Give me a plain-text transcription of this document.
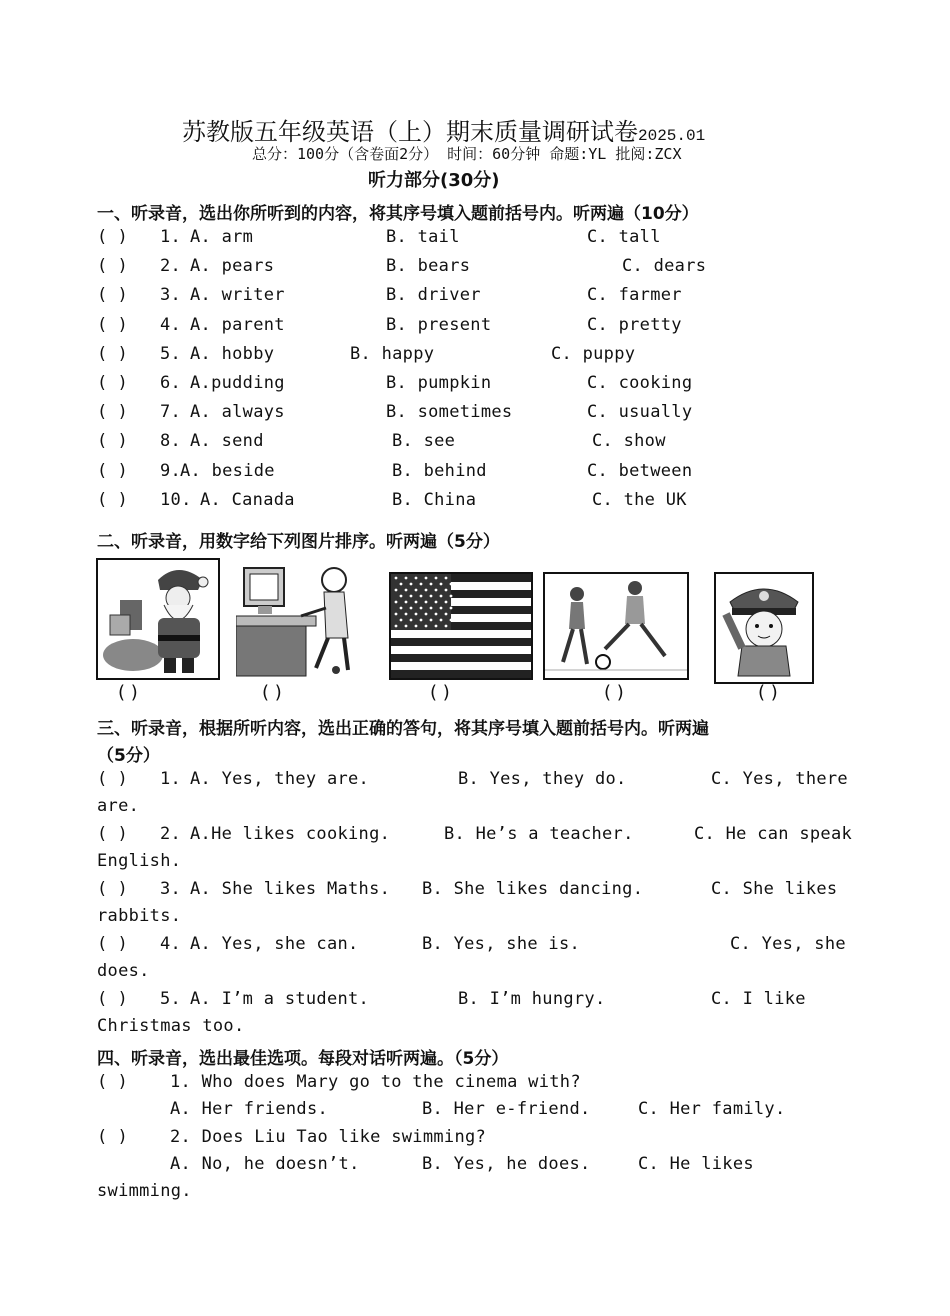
苏教版五年级英语（上）期末质量调研试卷2025.01
总分：100分（含卷面2分） 时间：60分钟 命题:YL 批阅:ZCX
听力部分(30分)
一、听录音，选出你所听到的内容，将其序号填入题前括号内。听两遍（10分）
( ) 1. A. arm	B. tail	C. tall
( ) 2. A. pears	B. bears	C. dears
( ) 3. A. writer	B. driver	C. farmer
( ) 4. A. parent	B. present	C. pretty
( ) 5. A. hobby	B. happy	C. puppy
( ) 6. A.pudding	B. pumpkin	C. cooking
( ) 7. A. always	B. sometimes	C. usually
( ) 8. A. send	B. see	C. show
( ) 9.
A. beside	B. behind	C. between
( ) 10. A. Canada	B. China	C. the UK
二、听录音，用数字给下列图片排序。听两遍（5分）
( )	( )	( )	( )	( )
三、听录音，根据所听内容，选出正确的答句，将其序号填入题前括号内。听两遍
（5分）
( ) 1. A. Yes, they are.	B. Yes, they do.	C. Yes, there
are.
( ) 2. A.He likes cooking.	B. He’s a teacher.	C. He can speak
English.
( ) 3. A. She likes Maths. B. She likes dancing.	C. She likes
rabbits.
( ) 4. A. Yes, she can.	B. Yes, she is.	C. Yes, she
does.
( ) 5. A. I’m a student.	B. I’m hungry.	C. I like
Christmas too.
四、听录音，选出最佳选项。每段对话听两遍。（5分）
( ) 1. Who does Mary go to the cinema with?
A. Her friends.	B. Her e-friend.	C. Her family.
( ) 2. Does Liu Tao like swimming?
A. No, he doesn’t.	B. Yes, he does.	C. He likes
swimming.
